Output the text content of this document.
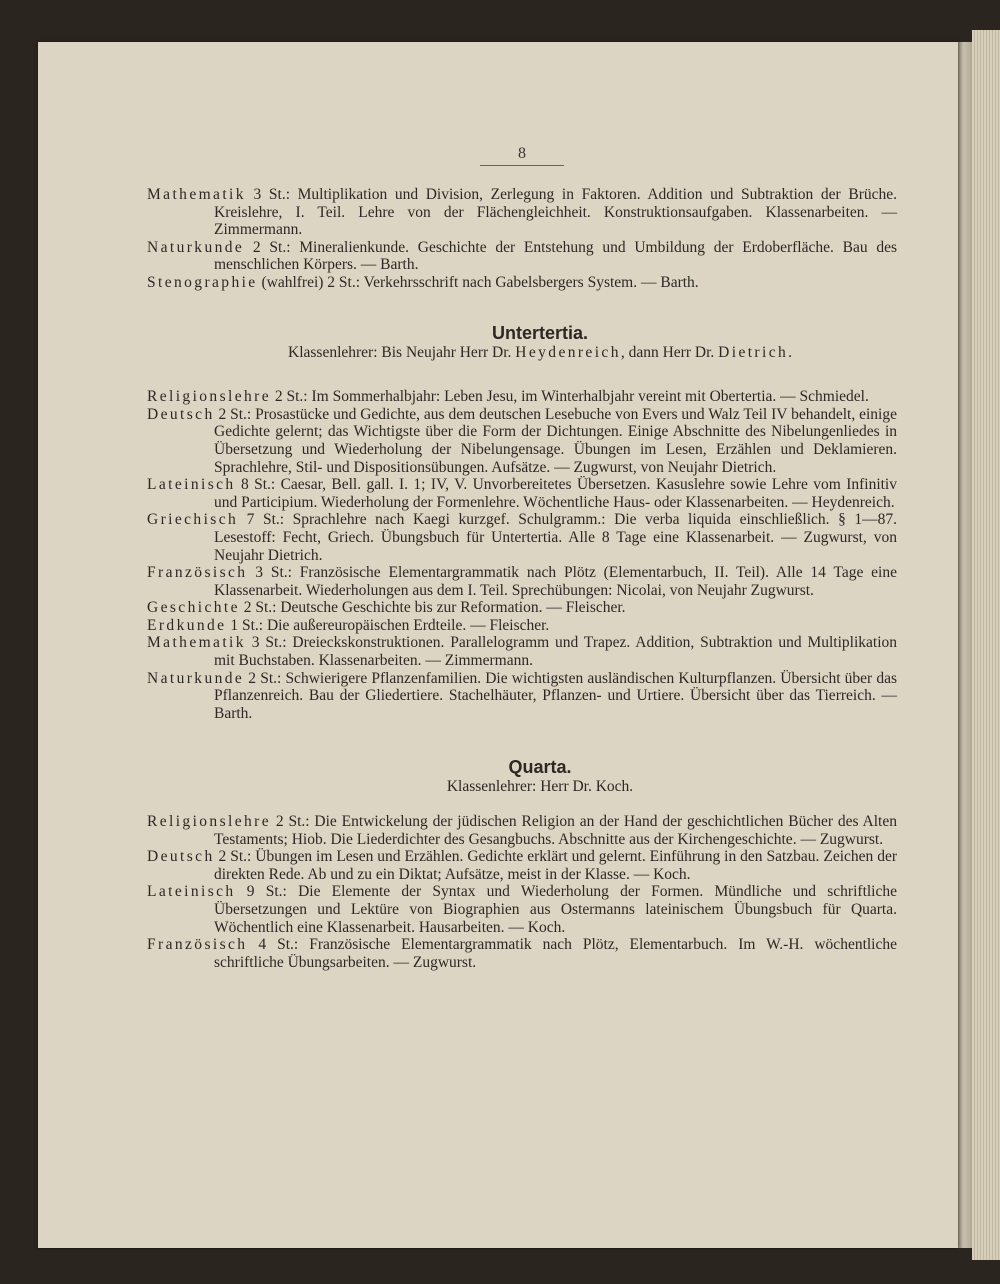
8
Mathematik 3 St.: Multiplikation und Division, Zerlegung in Faktoren. Addition und Subtraktion der Brüche. Kreislehre, I. Teil. Lehre von der Flächengleichheit. Konstruktionsaufgaben. Klassenarbeiten. — Zimmermann.
Naturkunde 2 St.: Mineralienkunde. Geschichte der Entstehung und Umbildung der Erdoberfläche. Bau des menschlichen Körpers. — Barth.
Stenographie (wahlfrei) 2 St.: Verkehrsschrift nach Gabelsbergers System. — Barth.
Untertertia.
Klassenlehrer: Bis Neujahr Herr Dr. Heydenreich, dann Herr Dr. Dietrich.
Religionslehre 2 St.: Im Sommerhalbjahr: Leben Jesu, im Winterhalbjahr vereint mit Obertertia. — Schmiedel.
Deutsch 2 St.: Prosastücke und Gedichte, aus dem deutschen Lesebuche von Evers und Walz Teil IV behandelt, einige Gedichte gelernt; das Wichtigste über die Form der Dichtungen. Einige Abschnitte des Nibelungenliedes in Übersetzung und Wiederholung der Nibelungensage. Übungen im Lesen, Erzählen und Deklamieren. Sprachlehre, Stil- und Dispositionsübungen. Aufsätze. — Zugwurst, von Neujahr Dietrich.
Lateinisch 8 St.: Caesar, Bell. gall. I. 1; IV, V. Unvorbereitetes Übersetzen. Kasuslehre sowie Lehre vom Infinitiv und Participium. Wiederholung der Formenlehre. Wöchentliche Haus- oder Klassenarbeiten. — Heydenreich.
Griechisch 7 St.: Sprachlehre nach Kaegi kurzgef. Schulgramm.: Die verba liquida einschließlich. § 1—87. Lesestoff: Fecht, Griech. Übungsbuch für Untertertia. Alle 8 Tage eine Klassenarbeit. — Zugwurst, von Neujahr Dietrich.
Französisch 3 St.: Französische Elementargrammatik nach Plötz (Elementarbuch, II. Teil). Alle 14 Tage eine Klassenarbeit. Wiederholungen aus dem I. Teil. Sprechübungen: Nicolai, von Neujahr Zugwurst.
Geschichte 2 St.: Deutsche Geschichte bis zur Reformation. — Fleischer.
Erdkunde 1 St.: Die außereuropäischen Erdteile. — Fleischer.
Mathematik 3 St.: Dreieckskonstruktionen. Parallelogramm und Trapez. Addition, Subtraktion und Multiplikation mit Buchstaben. Klassenarbeiten. — Zimmermann.
Naturkunde 2 St.: Schwierigere Pflanzenfamilien. Die wichtigsten ausländischen Kulturpflanzen. Übersicht über das Pflanzenreich. Bau der Gliedertiere. Stachelhäuter, Pflanzen- und Urtiere. Übersicht über das Tierreich. — Barth.
Quarta.
Klassenlehrer: Herr Dr. Koch.
Religionslehre 2 St.: Die Entwickelung der jüdischen Religion an der Hand der geschichtlichen Bücher des Alten Testaments; Hiob. Die Liederdichter des Gesangbuchs. Abschnitte aus der Kirchengeschichte. — Zugwurst.
Deutsch 2 St.: Übungen im Lesen und Erzählen. Gedichte erklärt und gelernt. Einführung in den Satzbau. Zeichen der direkten Rede. Ab und zu ein Diktat; Aufsätze, meist in der Klasse. — Koch.
Lateinisch 9 St.: Die Elemente der Syntax und Wiederholung der Formen. Mündliche und schriftliche Übersetzungen und Lektüre von Biographien aus Ostermanns lateinischem Übungsbuch für Quarta. Wöchentlich eine Klassenarbeit. Hausarbeiten. — Koch.
Französisch 4 St.: Französische Elementargrammatik nach Plötz, Elementarbuch. Im W.-H. wöchentliche schriftliche Übungsarbeiten. — Zugwurst.
